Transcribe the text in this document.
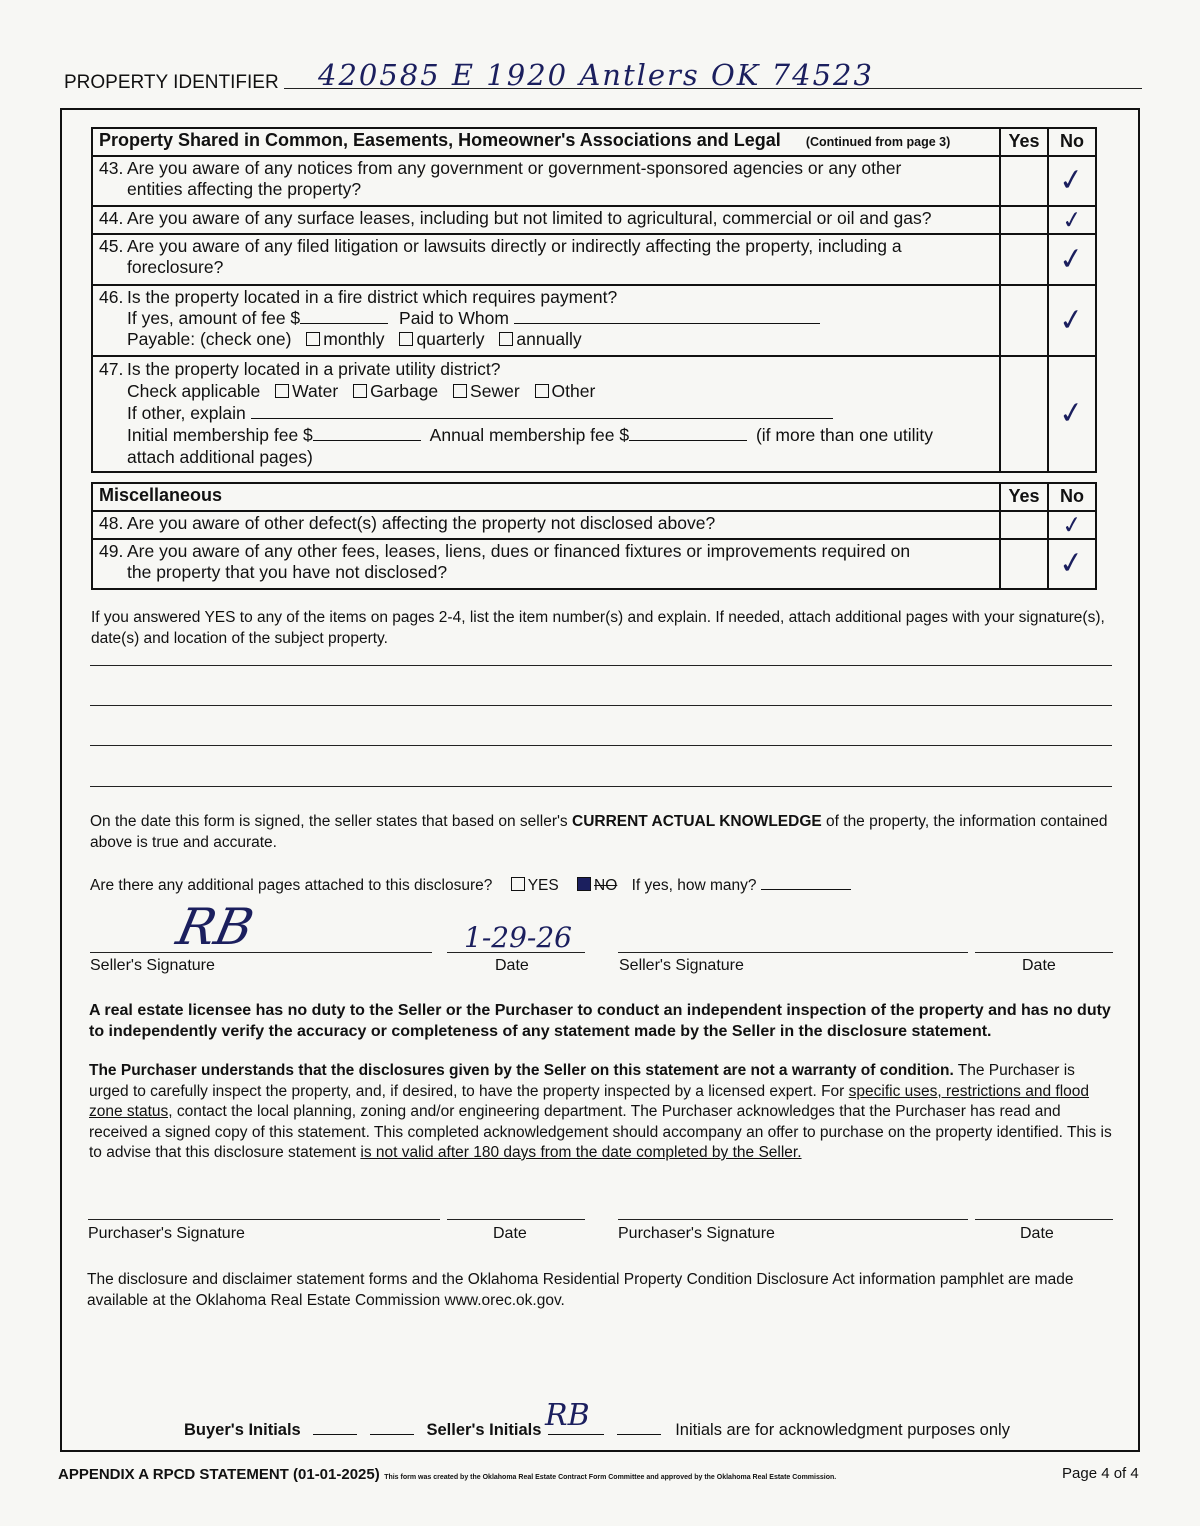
PROPERTY IDENTIFIER 420585 E 1920 Antlers OK 74523
Property Shared in Common, Easements, Homeowner's Associations and Legal (Continued from page 3)	Yes	No
43. Are you aware of any notices from any government or government-sponsored agencies or any other
entities affecting the property?		✓
44. Are you aware of any surface leases, including but not limited to agricultural, commercial or oil and gas?		✓
45. Are you aware of any filed litigation or lawsuits directly or indirectly affecting the property, including a
foreclosure?		✓
46. Is the property located in a fire district which requires payment?
If yes, amount of fee $ Paid to Whom
Payable: (check one) monthly quarterly annually		✓
47. Is the property located in a private utility district?
Check applicable Water Garbage Sewer Other
If other, explain
Initial membership fee $ Annual membership fee $ (if more than one utility
attach additional pages)		✓
Miscellaneous	Yes	No
48. Are you aware of other defect(s) affecting the property not disclosed above?		✓
49. Are you aware of any other fees, leases, liens, dues or financed fixtures or improvements required on
the property that you have not disclosed?		✓
If you answered YES to any of the items on pages 2-4, list the item number(s) and explain. If needed, attach additional pages with your signature(s), date(s) and location of the subject property.
On the date this form is signed, the seller states that based on seller's CURRENT ACTUAL KNOWLEDGE of the property, the information contained above is true and accurate.
Are there any additional pages attached to this disclosure? YES NO If yes, how many?
RB	1-29-26
Seller's Signature	Date	Seller's Signature	Date
A real estate licensee has no duty to the Seller or the Purchaser to conduct an independent inspection of the property and has no duty to independently verify the accuracy or completeness of any statement made by the Seller in the disclosure statement.
The Purchaser understands that the disclosures given by the Seller on this statement are not a warranty of condition. The Purchaser is urged to carefully inspect the property, and, if desired, to have the property inspected by a licensed expert. For specific uses, restrictions and flood zone status, contact the local planning, zoning and/or engineering department. The Purchaser acknowledges that the Purchaser has read and received a signed copy of this statement. This completed acknowledgement should accompany an offer to purchase on the property identified. This is to advise that this disclosure statement is not valid after 180 days from the date completed by the Seller.
Purchaser's Signature	Date	Purchaser's Signature	Date
The disclosure and disclaimer statement forms and the Oklahoma Residential Property Condition Disclosure Act information pamphlet are made available at the Oklahoma Real Estate Commission www.orec.ok.gov.
Buyer's Initials	Seller's Initials	Initials are for acknowledgment purposes only
RB
APPENDIX A RPCD STATEMENT (01-01-2025) This form was created by the Oklahoma Real Estate Contract Form Committee and approved by the Oklahoma Real Estate Commission.	Page 4 of 4
